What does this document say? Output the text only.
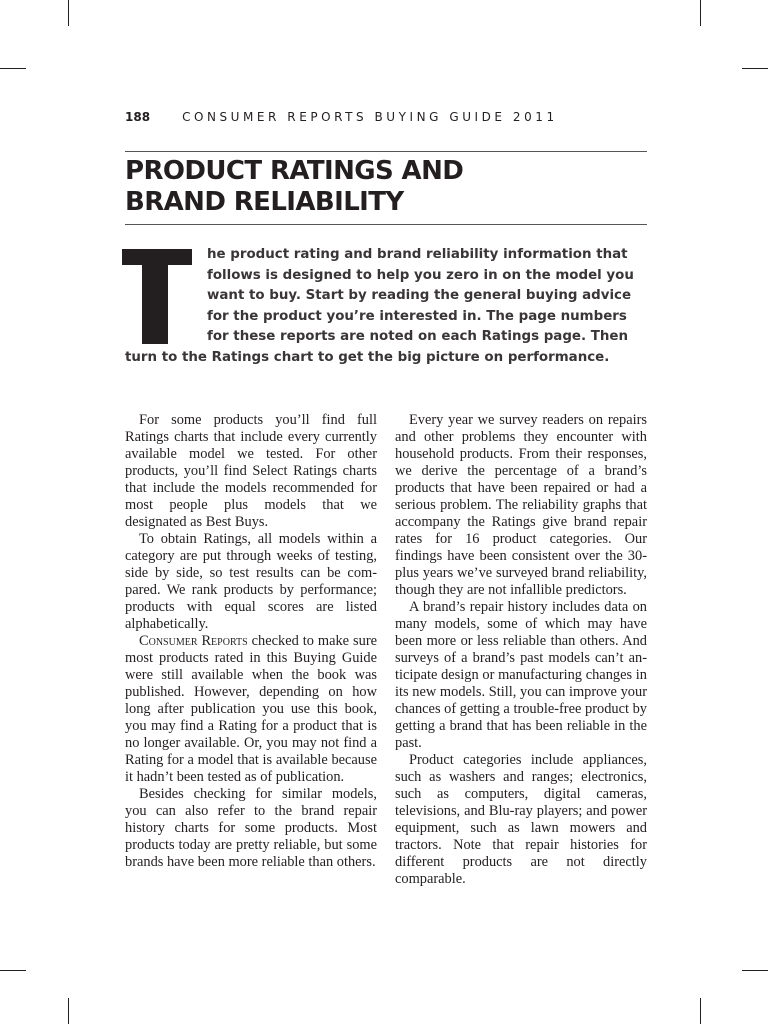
188	CONSUMER REPORTS BUYING GUIDE 2011
PRODUCT RATINGS AND
BRAND RELIABILITY
he product rating and brand reliability information that
follows is designed to help you zero in on the model you
want to buy. Start by reading the general buying advice
for the product you’re interested in. The page numbers
for these reports are noted on each Ratings page. Then
turn to the Ratings chart to get the big picture on performance.

For some products you’ll find full Ratings charts that include every currently available model we tested. For other products, you’ll find Select Ratings charts that include the models recommended for most people plus models that we designated as Best Buys.

To obtain Ratings, all models within a category are put through weeks of testing, side by side, so test results can be compared. We rank products by performance; products with equal scores are listed alphabetically.

Consumer Reports checked to make sure most products rated in this Buying Guide were still available when the book was published. However, depending on how long after publication you use this book, you may find a Rating for a product that is no longer available. Or, you may not find a Rating for a model that is available because it hadn’t been tested as of publication.

Besides checking for similar models, you can also refer to the brand repair history charts for some products. Most products today are pretty reliable, but some brands have been more reliable than others.

Every year we survey readers on repairs and other problems they encounter with household products. From their responses, we derive the percentage of a brand’s products that have been repaired or had a serious problem. The reliability graphs that accompany the Ratings give brand repair rates for 16 product categories. Our findings have been consistent over the 30-plus years we’ve surveyed brand reliability, though they are not infallible predictors.

A brand’s repair history includes data on many models, some of which may have been more or less reliable than others. And surveys of a brand’s past models can’t anticipate design or manufacturing changes in its new models. Still, you can improve your chances of getting a trouble-free product by getting a brand that has been reliable in the past.

Product categories include appliances, such as washers and ranges; electronics, such as computers, digital cameras, televisions, and Blu-ray players; and power equipment, such as lawn mowers and tractors. Note that repair histories for different products are not directly comparable.
